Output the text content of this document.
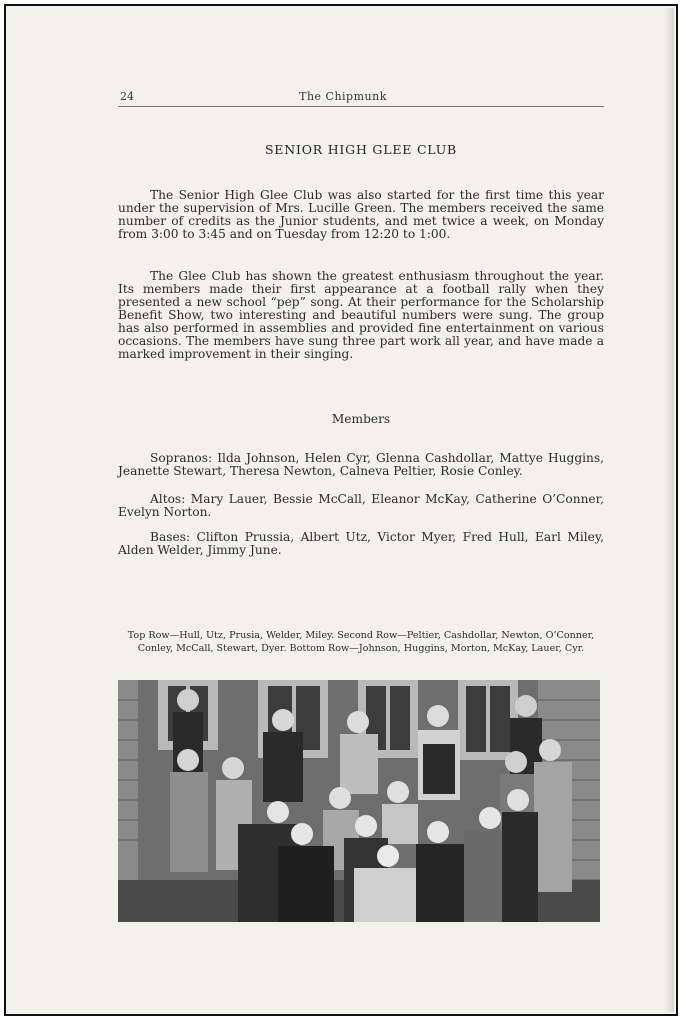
24	The Chipmunk
SENIOR HIGH GLEE CLUB

The Senior High Glee Club was also started for the first time this year under the supervision of Mrs. Lucille Green. The members received the same number of credits as the Junior students, and met twice a week, on Monday from 3:00 to 3:45 and on Tuesday from 12:20 to 1:00.

The Glee Club has shown the greatest enthusiasm throughout the year. Its members made their first appearance at a football rally when they presented a new school “pep” song. At their performance for the Scholarship Benefit Show, two interesting and beautiful numbers were sung. The group has also performed in assemblies and provided fine entertainment on various occasions. The members have sung three part work all year, and have made a marked improvement in their singing.

Members

Sopranos: Ilda Johnson, Helen Cyr, Glenna Cashdollar, Mattye Huggins, Jeanette Stewart, Theresa Newton, Calneva Peltier, Rosie Conley.

Altos: Mary Lauer, Bessie McCall, Eleanor McKay, Catherine O’Conner, Evelyn Norton.

Bases: Clifton Prussia, Albert Utz, Victor Myer, Fred Hull, Earl Miley, Alden Welder, Jimmy June.

Top Row—Hull, Utz, Prusia, Welder, Miley. Second Row—Peltier, Cashdollar, Newton, O’Conner, Conley, McCall, Stewart, Dyer. Bottom Row—Johnson, Huggins, Morton, McKay, Lauer, Cyr.
